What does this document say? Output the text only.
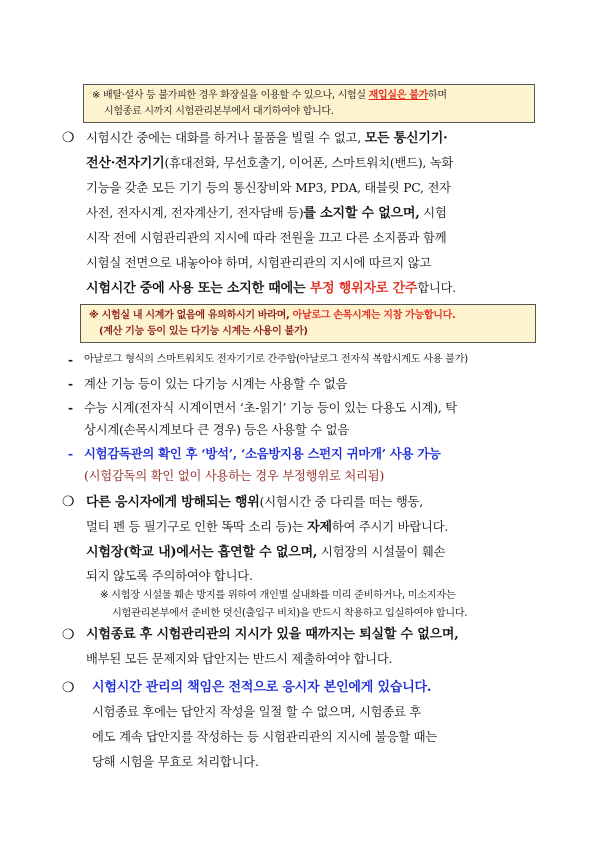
※ 배탈·설사 등 불가피한 경우 화장실을 이용할 수 있으나, 시험실 재입실은 불가하며
시험종료 시까지 시험관리본부에서 대기하여야 합니다.
❍ 시험시간 중에는 대화를 하거나 물품을 빌릴 수 없고, 모든 통신기기·
전산·전자기기(휴대전화, 무선호출기, 이어폰, 스마트워치(밴드), 녹화
기능을 갖춘 모든 기기 등의 통신장비와 MP3, PDA, 태블릿 PC, 전자
사전, 전자시계, 전자계산기, 전자담배 등)를 소지할 수 없으며, 시험
시작 전에 시험관리관의 지시에 따라 전원을 끄고 다른 소지품과 함께
시험실 전면으로 내놓아야 하며, 시험관리관의 지시에 따르지 않고
시험시간 중에 사용 또는 소지한 때에는 부정 행위자로 간주합니다.
※ 시험실 내 시계가 없음에 유의하시기 바라며, 아날로그 손목시계는 지참 가능합니다.
(계산 기능 등이 있는 다기능 시계는 사용이 불가)
- 아날로그 형식의 스마트워치도 전자기기로 간주함(아날로그 전자식 복합시계도 사용 불가)
- 계산 기능 등이 있는 다기능 시계는 사용할 수 없음
- 수능 시계(전자식 시계이면서 ‘초-읽기’ 기능 등이 있는 다용도 시계), 탁
상시계(손목시계보다 큰 경우) 등은 사용할 수 없음
- 시험감독관의 확인 후 ‘방석’, ‘소음방지용 스펀지 귀마개’ 사용 가능
(시험감독의 확인 없이 사용하는 경우 부정행위로 처리됨)
❍ 다른 응시자에게 방해되는 행위(시험시간 중 다리를 떠는 행동,
멀티 펜 등 필기구로 인한 똑딱 소리 등)는 자제하여 주시기 바랍니다.
시험장(학교 내)에서는 흡연할 수 없으며, 시험장의 시설물이 훼손
되지 않도록 주의하여야 합니다.
※ 시험장 시설물 훼손 방지를 위하여 개인별 실내화를 미리 준비하거나, 미소지자는
시험관리본부에서 준비한 덧신(출입구 비치)을 반드시 착용하고 입실하여야 합니다.
❍ 시험종료 후 시험관리관의 지시가 있을 때까지는 퇴실할 수 없으며,
배부된 모든 문제지와 답안지는 반드시 제출하여야 합니다.
❍ 시험시간 관리의 책임은 전적으로 응시자 본인에게 있습니다.
시험종료 후에는 답안지 작성을 일절 할 수 없으며, 시험종료 후
에도 계속 답안지를 작성하는 등 시험관리관의 지시에 불응할 때는
당해 시험을 무효로 처리합니다.
